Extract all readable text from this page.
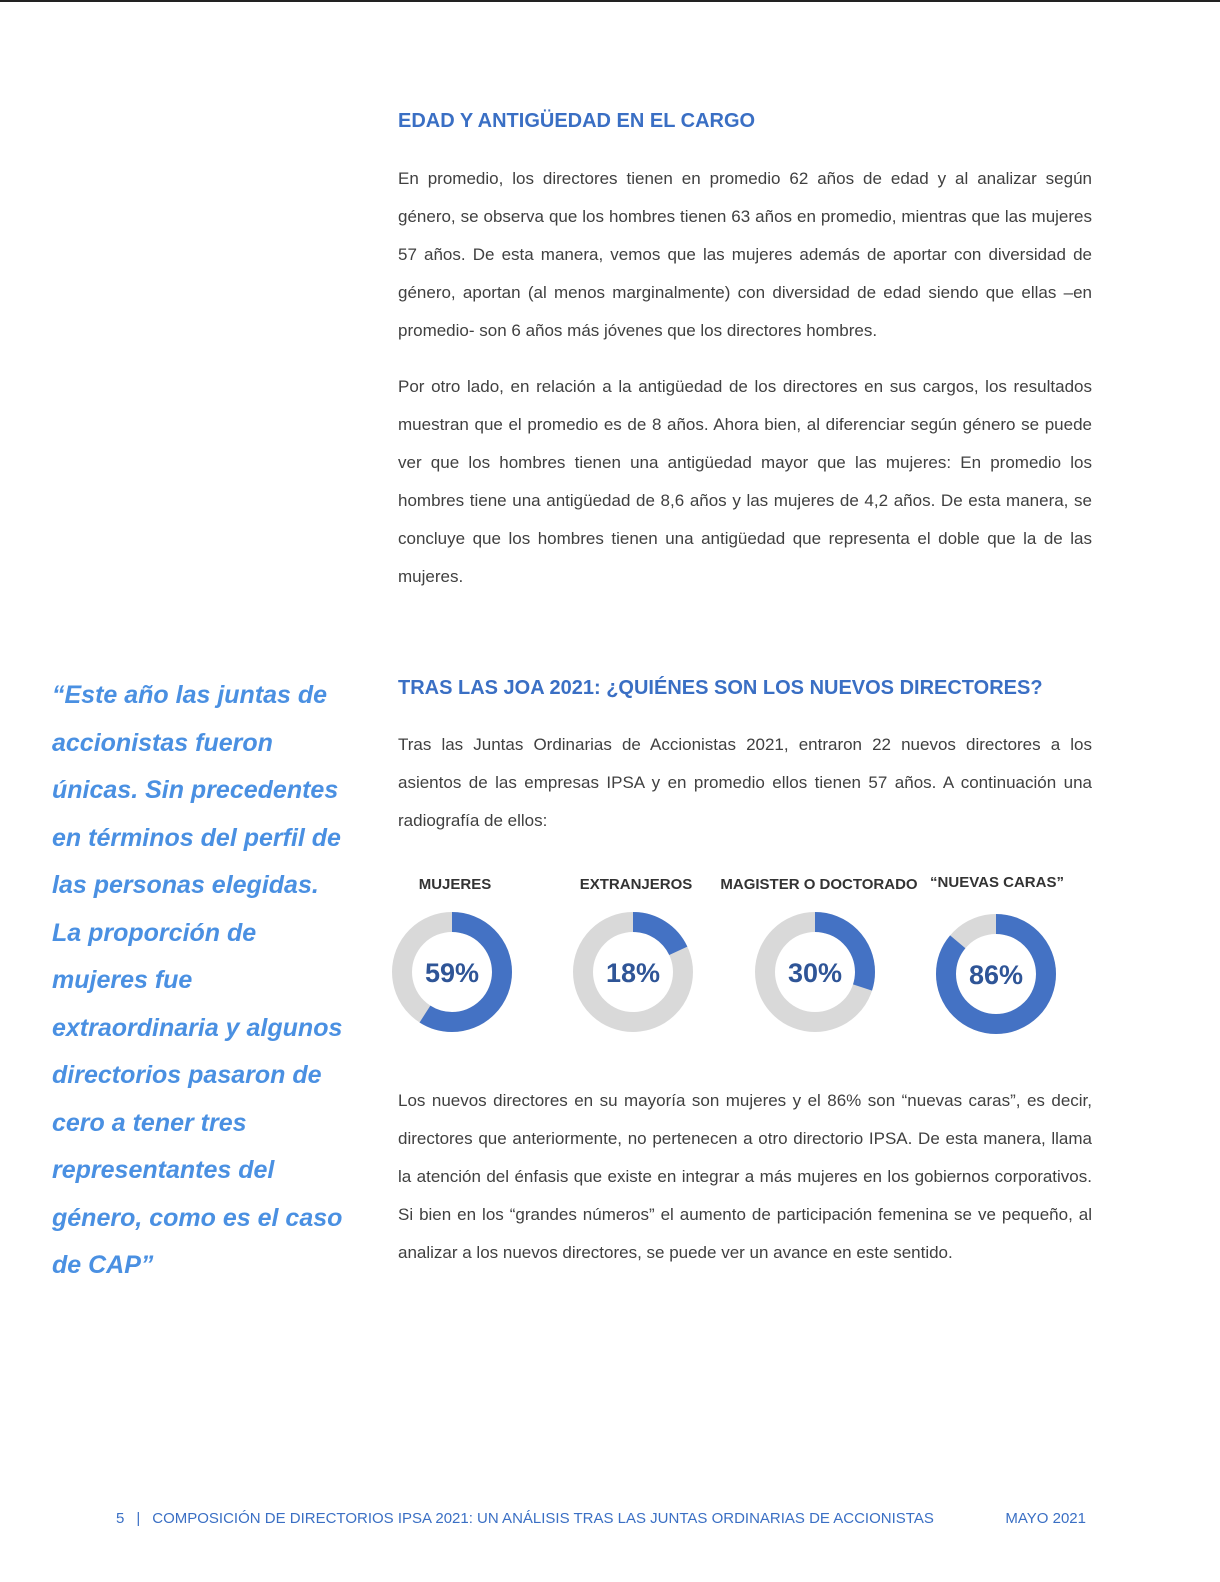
EDAD Y ANTIGÜEDAD EN EL CARGO

En promedio, los directores tienen en promedio 62 años de edad y al analizar según género, se observa que los hombres tienen 63 años en promedio, mientras que las mujeres 57 años. De esta manera, vemos que las mujeres además de aportar con diversidad de género, aportan (al menos marginalmente) con diversidad de edad siendo que ellas –en promedio- son 6 años más jóvenes que los directores hombres.

Por otro lado, en relación a la antigüedad de los directores en sus cargos, los resultados muestran que el promedio es de 8 años. Ahora bien, al diferenciar según género se puede ver que los hombres tienen una antigüedad mayor que las mujeres: En promedio los hombres tiene una antigüedad de 8,6 años y las mujeres de 4,2 años. De esta manera, se concluye que los hombres tienen una antigüedad que representa el doble que la de las mujeres.

“Este año las juntas de accionistas fueron únicas. Sin precedentes en términos del perfil de las personas elegidas. La proporción de mujeres fue extraordinaria y algunos directorios pasaron de cero a tener tres representantes del género, como es el caso de CAP”

TRAS LAS JOA 2021: ¿QUIÉNES SON LOS NUEVOS DIRECTORES?

Tras las Juntas Ordinarias de Accionistas 2021, entraron 22 nuevos directores a los asientos de las empresas IPSA y en promedio ellos tienen 57 años. A continuación una radiografía de ellos:

MUJERES	EXTRANJEROS	MAGISTER O DOCTORADO “NUEVAS CARAS”
59%	18%	30%	86%

Los nuevos directores en su mayoría son mujeres y el 86% son “nuevas caras”, es decir, directores que anteriormente, no pertenecen a otro directorio IPSA. De esta manera, llama la atención del énfasis que existe en integrar a más mujeres en los gobiernos corporativos. Si bien en los “grandes números” el aumento de participación femenina se ve pequeño, al analizar a los nuevos directores, se puede ver un avance en este sentido.

5 | COMPOSICIÓN DE DIRECTORIOS IPSA 2021: UN ANÁLISIS TRAS LAS JUNTAS ORDINARIAS DE ACCIONISTAS	MAYO 2021
